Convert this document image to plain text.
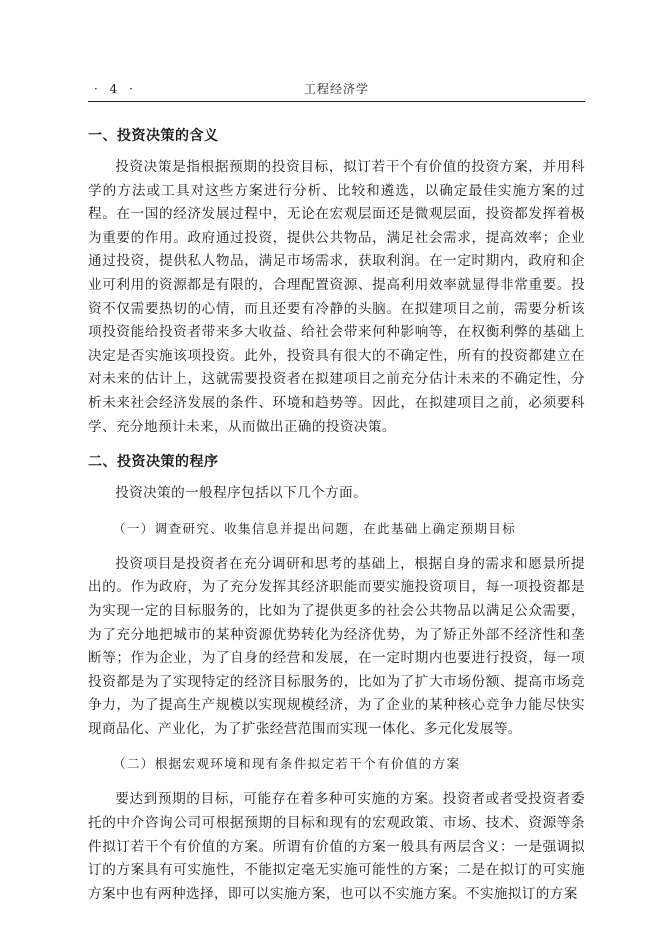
· 4 ·	工程经济学
一、投资决策的含义

投资决策是指根据预期的投资目标，拟订若干个有价值的投资方案，并用科学的方法或工具对这些方案进行分析、比较和遴选，以确定最佳实施方案的过程。在一国的经济发展过程中，无论在宏观层面还是微观层面，投资都发挥着极为重要的作用。政府通过投资，提供公共物品，满足社会需求，提高效率；企业通过投资，提供私人物品，满足市场需求，获取利润。在一定时期内，政府和企业可利用的资源都是有限的，合理配置资源、提高利用效率就显得非常重要。投资不仅需要热切的心情，而且还要有冷静的头脑。在拟建项目之前，需要分析该项投资能给投资者带来多大收益、给社会带来何种影响等，在权衡利弊的基础上决定是否实施该项投资。此外，投资具有很大的不确定性，所有的投资都建立在对未来的估计上，这就需要投资者在拟建项目之前充分估计未来的不确定性，分析未来社会经济发展的条件、环境和趋势等。因此，在拟建项目之前，必须要科学、充分地预计未来，从而做出正确的投资决策。

二、投资决策的程序

投资决策的一般程序包括以下几个方面。

（一）调查研究、收集信息并提出问题，在此基础上确定预期目标

投资项目是投资者在充分调研和思考的基础上，根据自身的需求和愿景所提出的。作为政府，为了充分发挥其经济职能而要实施投资项目，每一项投资都是为实现一定的目标服务的，比如为了提供更多的社会公共物品以满足公众需要，为了充分地把城市的某种资源优势转化为经济优势，为了矫正外部不经济性和垄断等；作为企业，为了自身的经营和发展，在一定时期内也要进行投资，每一项投资都是为了实现特定的经济目标服务的，比如为了扩大市场份额、提高市场竞争力，为了提高生产规模以实现规模经济，为了企业的某种核心竞争力能尽快实现商品化、产业化，为了扩张经营范围而实现一体化、多元化发展等。

（二）根据宏观环境和现有条件拟定若干个有价值的方案

要达到预期的目标，可能存在着多种可实施的方案。投资者或者受投资者委托的中介咨询公司可根据预期的目标和现有的宏观政策、市场、技术、资源等条件拟订若干个有价值的方案。所谓有价值的方案一般具有两层含义：一是强调拟订的方案具有可实施性，不能拟定毫无实施可能性的方案；二是在拟订的可实施方案中也有两种选择，即可以实施方案，也可以不实施方案。不实施拟订的方案
